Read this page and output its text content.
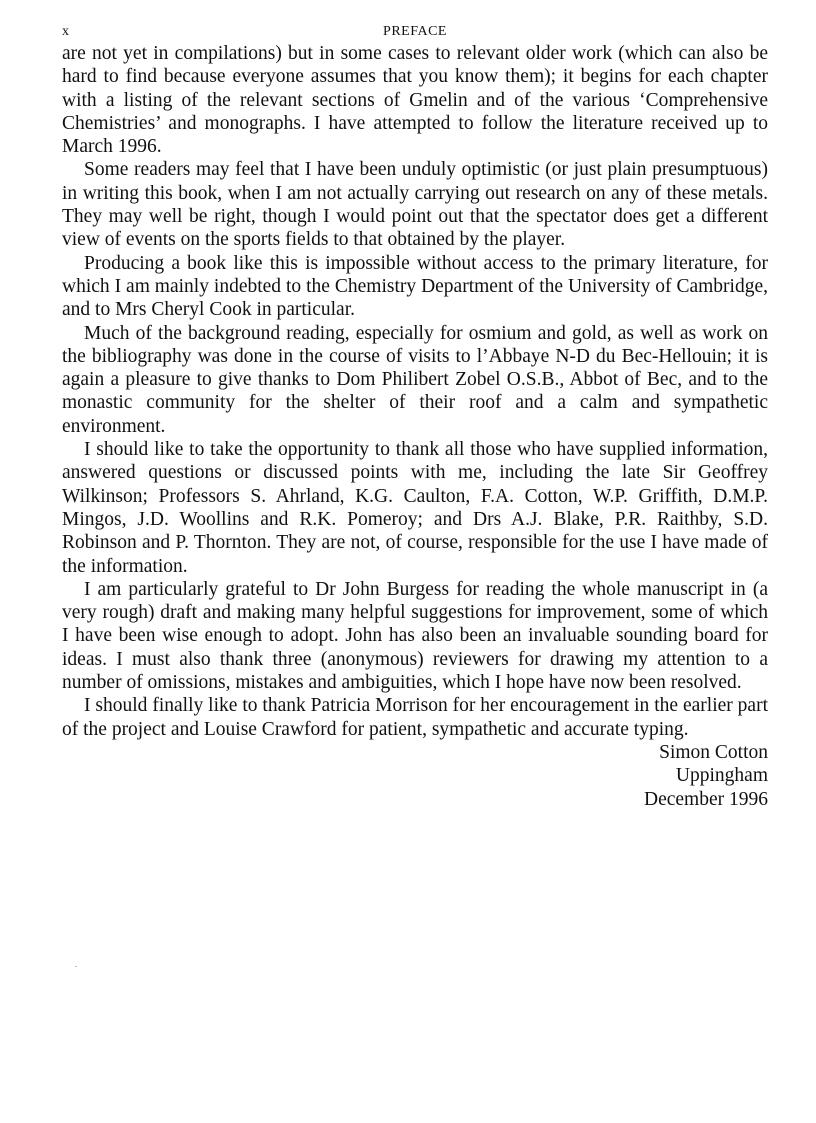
x	PREFACE

are not yet in compilations) but in some cases to relevant older work (which can also be hard to find because everyone assumes that you know them); it begins for each chapter with a listing of the relevant sections of Gmelin and of the various ‘Comprehensive Chemistries’ and monographs. I have attempted to follow the literature received up to March 1996.

Some readers may feel that I have been unduly optimistic (or just plain presumptuous) in writing this book, when I am not actually carrying out research on any of these metals. They may well be right, though I would point out that the spectator does get a different view of events on the sports fields to that obtained by the player.

Producing a book like this is impossible without access to the primary literature, for which I am mainly indebted to the Chemistry Department of the University of Cambridge, and to Mrs Cheryl Cook in particular.

Much of the background reading, especially for osmium and gold, as well as work on the bibliography was done in the course of visits to l’Abbaye N-D du Bec-Hellouin; it is again a pleasure to give thanks to Dom Philibert Zobel O.S.B., Abbot of Bec, and to the monastic community for the shelter of their roof and a calm and sympathetic environment.

I should like to take the opportunity to thank all those who have supplied information, answered questions or discussed points with me, including the late Sir Geoffrey Wilkinson; Professors S. Ahrland, K.G. Caulton, F.A. Cotton, W.P. Griffith, D.M.P. Mingos, J.D. Woollins and R.K. Pomeroy; and Drs A.J. Blake, P.R. Raithby, S.D. Robinson and P. Thornton. They are not, of course, responsible for the use I have made of the information.

I am particularly grateful to Dr John Burgess for reading the whole manuscript in (a very rough) draft and making many helpful suggestions for improvement, some of which I have been wise enough to adopt. John has also been an invaluable sounding board for ideas. I must also thank three (anonymous) reviewers for drawing my attention to a number of omissions, mistakes and ambiguities, which I hope have now been resolved.

I should finally like to thank Patricia Morrison for her encouragement in the earlier part of the project and Louise Crawford for patient, sympathetic and accurate typing.

Simon Cotton
Uppingham
December 1996
